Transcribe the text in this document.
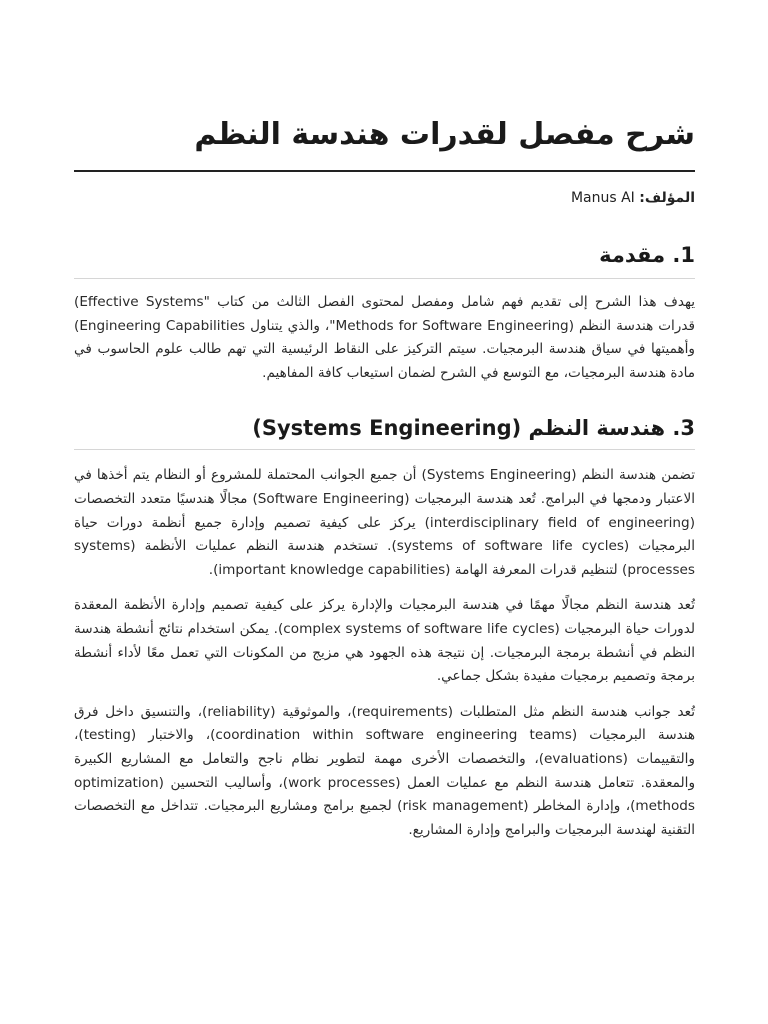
شرح مفصل لقدرات هندسة النظم

المؤلف: Manus AI

1. مقدمة

يهدف هذا الشرح إلى تقديم فهم شامل ومفصل لمحتوى الفصل الثالث من كتاب "Effective Systems) قدرات هندسة النظم (Methods for Software Engineering"، والذي يتناول Engineering Capabilities) وأهميتها في سياق هندسة البرمجيات. سيتم التركيز على النقاط الرئيسية التي تهم طالب علوم الحاسوب في مادة هندسة البرمجيات، مع التوسع في الشرح لضمان استيعاب كافة المفاهيم.

3. هندسة النظم (Systems Engineering)

تضمن هندسة النظم (Systems Engineering) أن جميع الجوانب المحتملة للمشروع أو النظام يتم أخذها في الاعتبار ودمجها في البرامج. تُعد هندسة البرمجيات (Software Engineering) مجالًا هندسيًا متعدد التخصصات (interdisciplinary field of engineering) يركز على كيفية تصميم وإدارة جميع أنظمة دورات حياة البرمجيات (systems of software life cycles). تستخدم هندسة النظم عمليات الأنظمة (systems processes) لتنظيم قدرات المعرفة الهامة (important knowledge capabilities).

تُعد هندسة النظم مجالًا مهمًا في هندسة البرمجيات والإدارة يركز على كيفية تصميم وإدارة الأنظمة المعقدة لدورات حياة البرمجيات (complex systems of software life cycles). يمكن استخدام نتائج أنشطة هندسة النظم في أنشطة برمجة البرمجيات. إن نتيجة هذه الجهود هي مزيج من المكونات التي تعمل معًا لأداء أنشطة برمجة وتصميم برمجيات مفيدة بشكل جماعي.

تُعد جوانب هندسة النظم مثل المتطلبات (requirements)، والموثوقية (reliability)، والتنسيق داخل فرق هندسة البرمجيات (coordination within software engineering teams)، والاختبار (testing)، والتقييمات (evaluations)، والتخصصات الأخرى مهمة لتطوير نظام ناجح والتعامل مع المشاريع الكبيرة والمعقدة. تتعامل هندسة النظم مع عمليات العمل (work processes)، وأساليب التحسين (optimization methods)، وإدارة المخاطر (risk management) لجميع برامج ومشاريع البرمجيات. تتداخل مع التخصصات التقنية لهندسة البرمجيات والبرامج وإدارة المشاريع.
